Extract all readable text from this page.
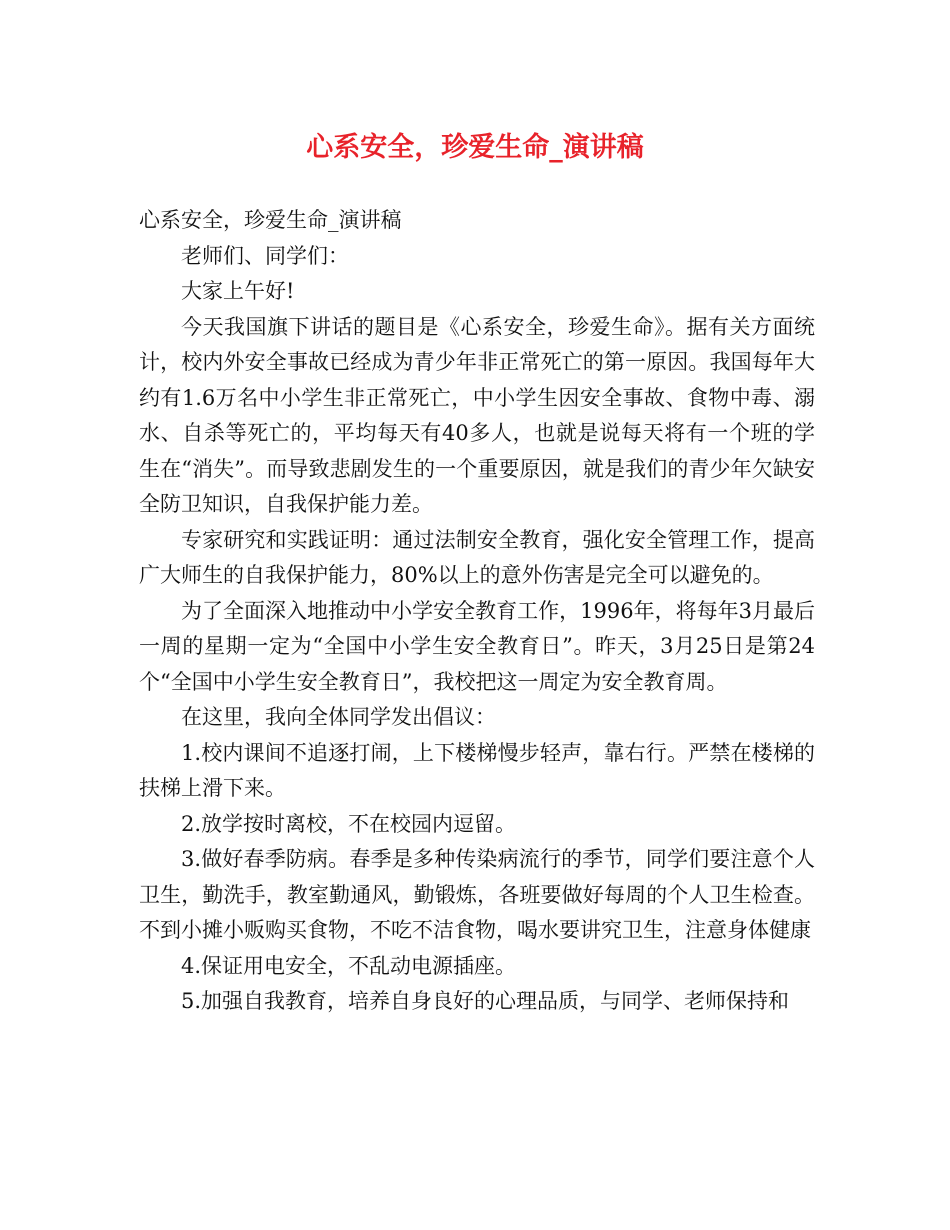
心系安全，珍爱生命_演讲稿

心系安全，珍爱生命_演讲稿

老师们、同学们：

大家上午好!

今天我国旗下讲话的题目是《心系安全，珍爱生命》。据有关方面统计，校内外安全事故已经成为青少年非正常死亡的第一原因。我国每年大约有1.6万名中小学生非正常死亡，中小学生因安全事故、食物中毒、溺水、自杀等死亡的，平均每天有40多人，也就是说每天将有一个班的学生在“消失”。而导致悲剧发生的一个重要原因，就是我们的青少年欠缺安全防卫知识，自我保护能力差。

专家研究和实践证明：通过法制安全教育，强化安全管理工作，提高广大师生的自我保护能力，80%以上的意外伤害是完全可以避免的。

为了全面深入地推动中小学安全教育工作，1996年，将每年3月最后一周的星期一定为“全国中小学生安全教育日”。昨天，3月25日是第24个“全国中小学生安全教育日”，我校把这一周定为安全教育周。

在这里，我向全体同学发出倡议：

1.校内课间不追逐打闹，上下楼梯慢步轻声，靠右行。严禁在楼梯的扶梯上滑下来。

2.放学按时离校，不在校园内逗留。

3.做好春季防病。春季是多种传染病流行的季节，同学们要注意个人卫生，勤洗手，教室勤通风，勤锻炼，各班要做好每周的个人卫生检查。不到小摊小贩购买食物，不吃不洁食物，喝水要讲究卫生，注意身体健康

4.保证用电安全，不乱动电源插座。

5.加强自我教育，培养自身良好的心理品质，与同学、老师保持和
